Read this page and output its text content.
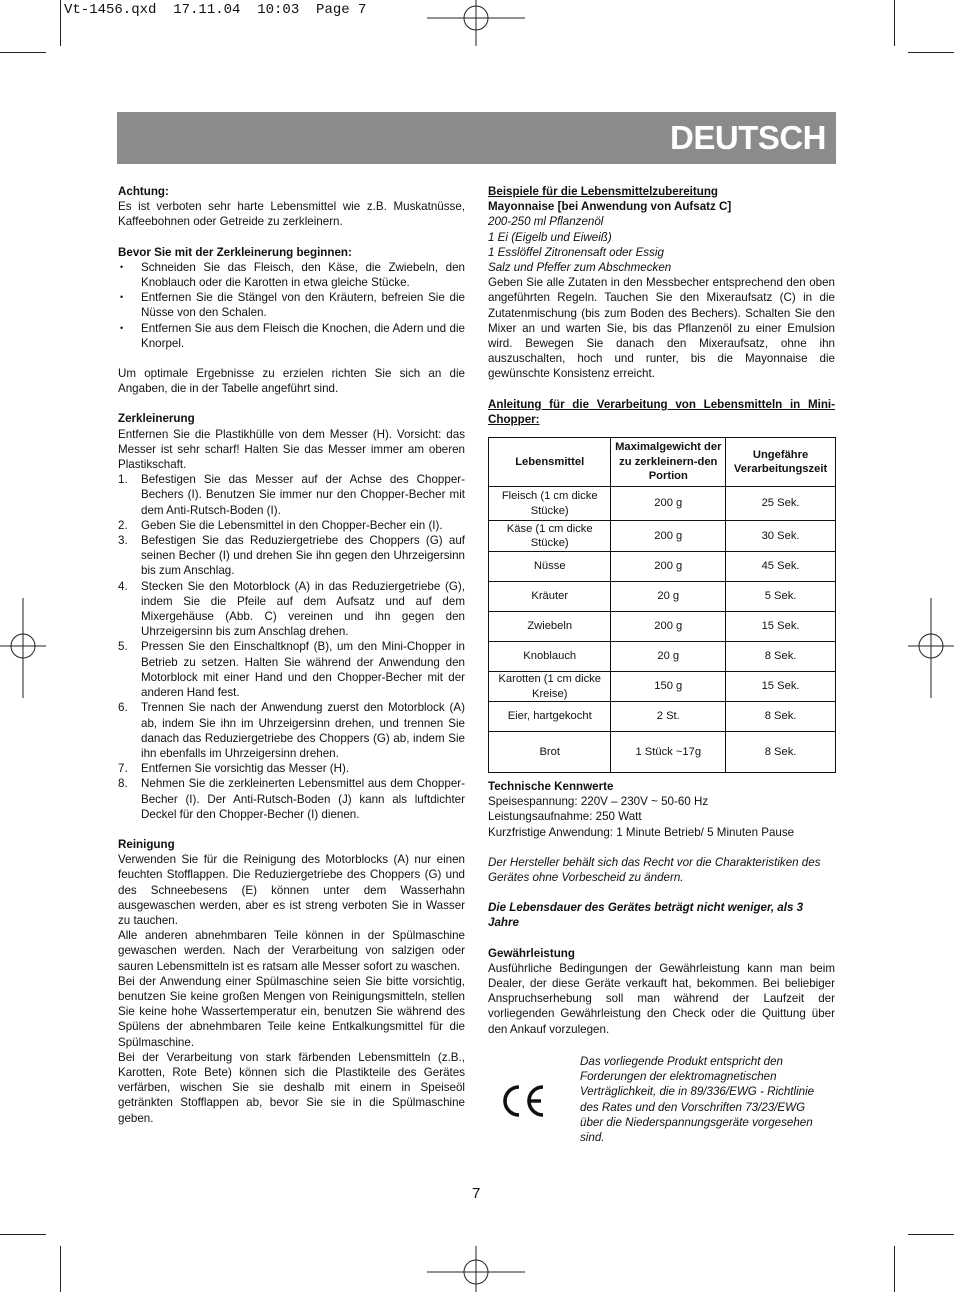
Vt-1456.qxd  17.11.04  10:03  Page 7
DEUTSCH
Achtung:
Es ist verboten sehr harte Lebensmittel wie z.B. Muskatnüsse, Kaffeebohnen oder Getreide zu zerkleinern.
Bevor Sie mit der Zerkleinerung beginnen:
• Schneiden Sie das Fleisch, den Käse, die Zwiebeln, den Knoblauch oder die Karotten in etwa gleiche Stücke.
• Entfernen Sie die Stängel von den Kräutern, befreien Sie die Nüsse von den Schalen.
• Entfernen Sie aus dem Fleisch die Knochen, die Adern und die Knorpel.
Um optimale Ergebnisse zu erzielen richten Sie sich an die Angaben, die in der Tabelle angeführt sind.
Zerkleinerung
Entfernen Sie die Plastikhülle von dem Messer (H). Vorsicht: das Messer ist sehr scharf! Halten Sie das Messer immer am oberen Plastikschaft.
1. Befestigen Sie das Messer auf der Achse des Chopper-Bechers (I). Benutzen Sie immer nur den Chopper-Becher mit dem Anti-Rutsch-Boden (I).
2. Geben Sie die Lebensmittel in den Chopper-Becher ein (I).
3. Befestigen Sie das Reduziergetriebe des Choppers (G) auf seinen Becher (I) und drehen Sie ihn gegen den Uhrzeigersinn bis zum Anschlag.
4. Stecken Sie den Motorblock (A) in das Reduziergetriebe (G), indem Sie die Pfeile auf dem Aufsatz und auf dem Mixergehäuse (Abb. C) vereinen und ihn gegen den Uhrzeigersinn bis zum Anschlag drehen.
5. Pressen Sie den Einschaltknopf (B), um den Mini-Chopper in Betrieb zu setzen. Halten Sie während der Anwendung den Motorblock mit einer Hand und den Chopper-Becher mit der anderen Hand fest.
6. Trennen Sie nach der Anwendung zuerst den Motorblock (A) ab, indem Sie ihn im Uhrzeigersinn drehen, und trennen Sie danach das Reduziergetriebe des Choppers (G) ab, indem Sie ihn ebenfalls im Uhrzeigersinn drehen.
7. Entfernen Sie vorsichtig das Messer (H).
8. Nehmen Sie die zerkleinerten Lebensmittel aus dem Chopper-Becher (I). Der Anti-Rutsch-Boden (J) kann als luftdichter Deckel für den Chopper-Becher (I) dienen.
Reinigung
Verwenden Sie für die Reinigung des Motorblocks (A) nur einen feuchten Stofflappen. Die Reduziergetriebe des Choppers (G) und des Schneebesens (E) können unter dem Wasserhahn ausgewaschen werden, aber es ist streng verboten Sie in Wasser zu tauchen.
Alle anderen abnehmbaren Teile können in der Spülmaschine gewaschen werden. Nach der Verarbeitung von salzigen oder sauren Lebensmitteln ist es ratsam alle Messer sofort zu waschen.
Bei der Anwendung einer Spülmaschine seien Sie bitte vorsichtig, benutzen Sie keine großen Mengen von Reinigungsmitteln, stellen Sie keine hohe Wassertemperatur ein, benutzen Sie während des Spülens der abnehmbaren Teile keine Entkalkungsmittel für die Spülmaschine.
Bei der Verarbeitung von stark färbenden Lebensmitteln (z.B., Karotten, Rote Bete) können sich die Plastikteile des Gerätes verfärben, wischen Sie sie deshalb mit einem in Speiseöl getränkten Stofflappen ab, bevor Sie sie in die Spülmaschine geben.
Beispiele für die Lebensmittelzubereitung
Mayonnaise [bei Anwendung von Aufsatz C]
200-250 ml Pflanzenöl
1 Ei (Eigelb und Eiweiß)
1 Esslöffel Zitronensaft oder Essig
Salz und Pfeffer zum Abschmecken
Geben Sie alle Zutaten in den Messbecher entsprechend den oben angeführten Regeln. Tauchen Sie den Mixeraufsatz (C) in die Zutatenmischung (bis zum Boden des Bechers). Schalten Sie den Mixer an und warten Sie, bis das Pflanzenöl zu einer Emulsion wird. Bewegen Sie danach den Mixeraufsatz, ohne ihn auszuschalten, hoch und runter, bis die Mayonnaise die gewünschte Konsistenz erreicht.
Anleitung für die Verarbeitung von Lebensmitteln in Mini-Chopper:
Lebensmittel	Maximalgewicht der zu zerkleinern-den Portion	Ungefähre Verarbeitungszeit
Fleisch (1 cm dicke Stücke)	200 g	25 Sek.
Käse (1 cm dicke Stücke)	200 g	30 Sek.
Nüsse	200 g	45 Sek.
Kräuter	20 g	5 Sek.
Zwiebeln	200 g	15 Sek.
Knoblauch	20 g	8 Sek.
Karotten (1 cm dicke Kreise)	150 g	15 Sek.
Eier, hartgekocht	2 St.	8 Sek.
Brot	1 Stück ~17g	8 Sek.
Technische Kennwerte
Speisespannung: 220V – 230V ~ 50-60 Hz
Leistungsaufnahme: 250 Watt
Kurzfristige Anwendung: 1 Minute Betrieb/ 5 Minuten Pause
Der Hersteller behält sich das Recht vor die Charakteristiken des Gerätes ohne Vorbescheid zu ändern.
Die Lebensdauer des Gerätes beträgt nicht weniger, als 3 Jahre
Gewährleistung
Ausführliche Bedingungen der Gewährleistung kann man beim Dealer, der diese Geräte verkauft hat, bekommen. Bei beliebiger Anspruchserhebung soll man während der Laufzeit der vorliegenden Gewährleistung den Check oder die Quittung über den Ankauf vorzulegen.
Das vorliegende Produkt entspricht den Forderungen der elektromagnetischen Verträglichkeit, die in 89/336/EWG - Richtlinie des Rates und den Vorschriften 73/23/EWG über die Niederspannungsgeräte vorgesehen sind.
7
